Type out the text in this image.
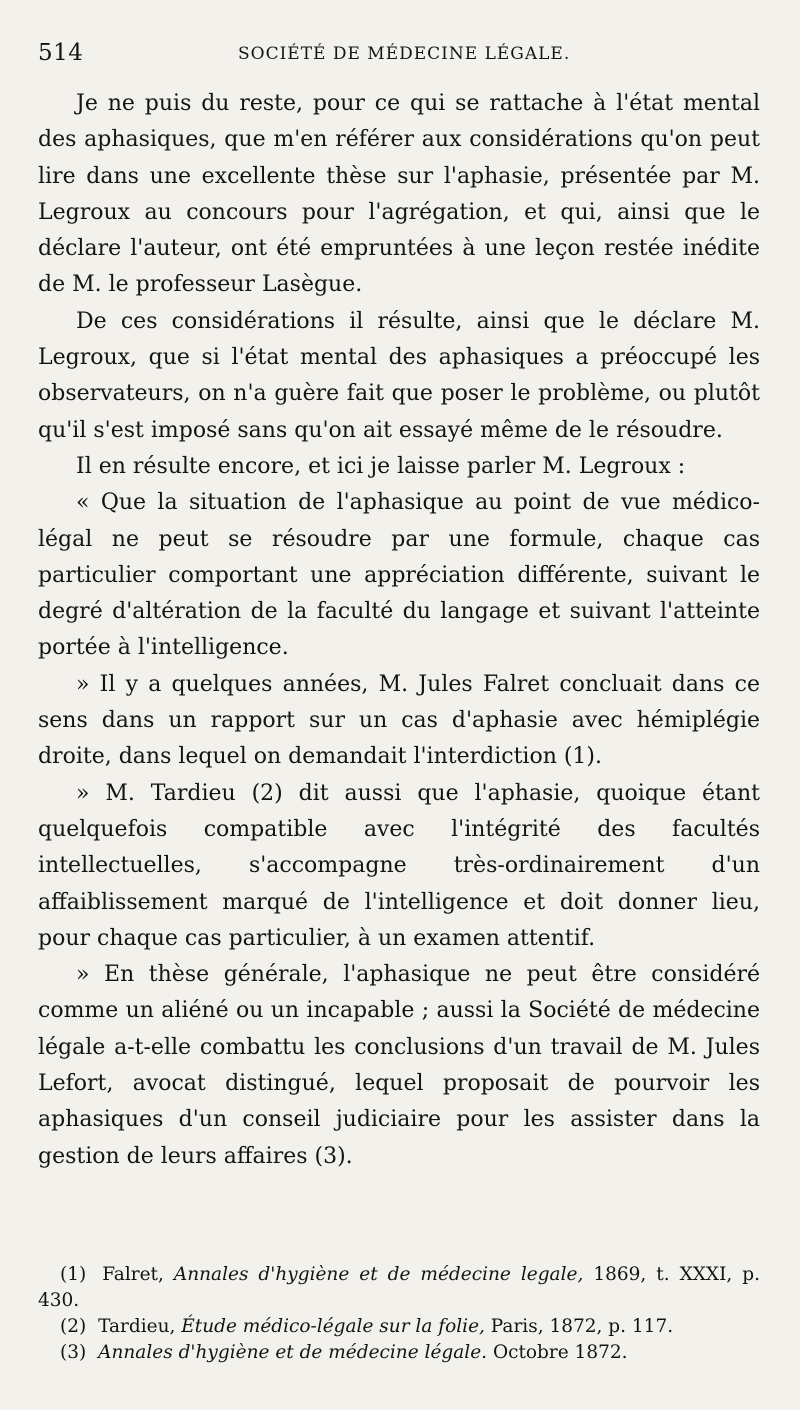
514	SOCIÉTÉ DE MÉDECINE LÉGALE.

Je ne puis du reste, pour ce qui se rattache à l'état mental des aphasiques, que m'en référer aux considérations qu'on peut lire dans une excellente thèse sur l'aphasie, présentée par M. Legroux au concours pour l'agrégation, et qui, ainsi que le déclare l'auteur, ont été empruntées à une leçon restée inédite de M. le professeur Lasègue.

De ces considérations il résulte, ainsi que le déclare M. Legroux, que si l'état mental des aphasiques a préoccupé les observateurs, on n'a guère fait que poser le problème, ou plutôt qu'il s'est imposé sans qu'on ait essayé même de le résoudre.

Il en résulte encore, et ici je laisse parler M. Legroux :

« Que la situation de l'aphasique au point de vue médico-légal ne peut se résoudre par une formule, chaque cas particulier comportant une appréciation différente, suivant le degré d'altération de la faculté du langage et suivant l'atteinte portée à l'intelligence.

» Il y a quelques années, M. Jules Falret concluait dans ce sens dans un rapport sur un cas d'aphasie avec hémiplégie droite, dans lequel on demandait l'interdiction (1).

» M. Tardieu (2) dit aussi que l'aphasie, quoique étant quelquefois compatible avec l'intégrité des facultés intellectuelles, s'accompagne très-ordinairement d'un affaiblissement marqué de l'intelligence et doit donner lieu, pour chaque cas particulier, à un examen attentif.

» En thèse générale, l'aphasique ne peut être considéré comme un aliéné ou un incapable ; aussi la Société de médecine légale a-t-elle combattu les conclusions d'un travail de M. Jules Lefort, avocat distingué, lequel proposait de pourvoir les aphasiques d'un conseil judiciaire pour les assister dans la gestion de leurs affaires (3).

(1) Falret, Annales d'hygiène et de médecine legale, 1869, t. XXXI, p. 430.

(2) Tardieu, Étude médico-légale sur la folie, Paris, 1872, p. 117.

(3) Annales d'hygiène et de médecine légale. Octobre 1872.
